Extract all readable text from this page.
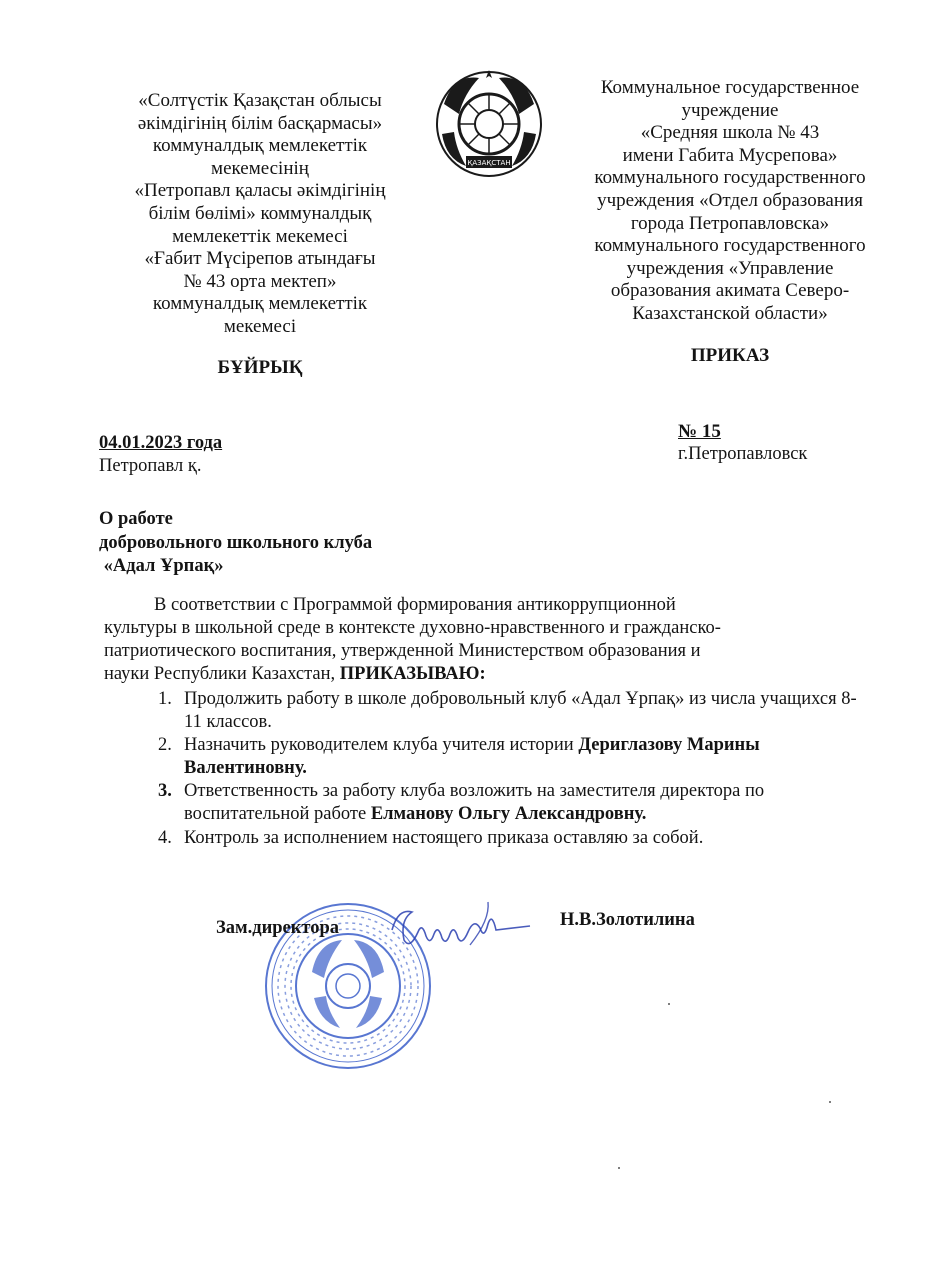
ҚАЗАҚСТАН
«Солтүстік Қазақстан облысы
әкімдігінің білім басқармасы»
коммуналдық мемлекеттік
мекемесінің
«Петропавл қаласы әкімдігінің
білім бөлімі» коммуналдық
мемлекеттік мекемесі
«Ғабит Мүсірепов атындағы
№ 43 орта мектеп»
коммуналдық мемлекеттік
мекемесі
БҰЙРЫҚ
Коммунальное государственное
учреждение
«Средняя школа № 43
имени Габита Мусрепова»
коммунального государственного
учреждения «Отдел образования
города Петропавловска»
коммунального государственного
учреждения «Управление
образования акимата Северо-
Казахстанской области»
ПРИКАЗ
04.01.2023 года
Петропавл қ.
№ 15
г.Петропавловск
О работе
добровольного школьного клуба
«Адал Ұрпақ»
В соответствии с Программой формирования антикоррупционной
культуры в школьной среде в контексте духовно-нравственного и гражданско-
патриотического воспитания, утвержденной Министерством образования и
науки Республики Казахстан, ПРИКАЗЫВАЮ:
1. Продолжить работу в школе добровольный клуб «Адал Ұрпақ» из числа учащихся 8-11 классов.
2. Назначить руководителем клуба учителя истории Дериглазову Марины Валентиновну.
3. Ответственность за работу клуба возложить на заместителя директора по воспитательной работе Елманову Ольгу Александровну.
4. Контроль за исполнением настоящего приказа оставляю за собой.
Зам.директора	Н.В.Золотилина
